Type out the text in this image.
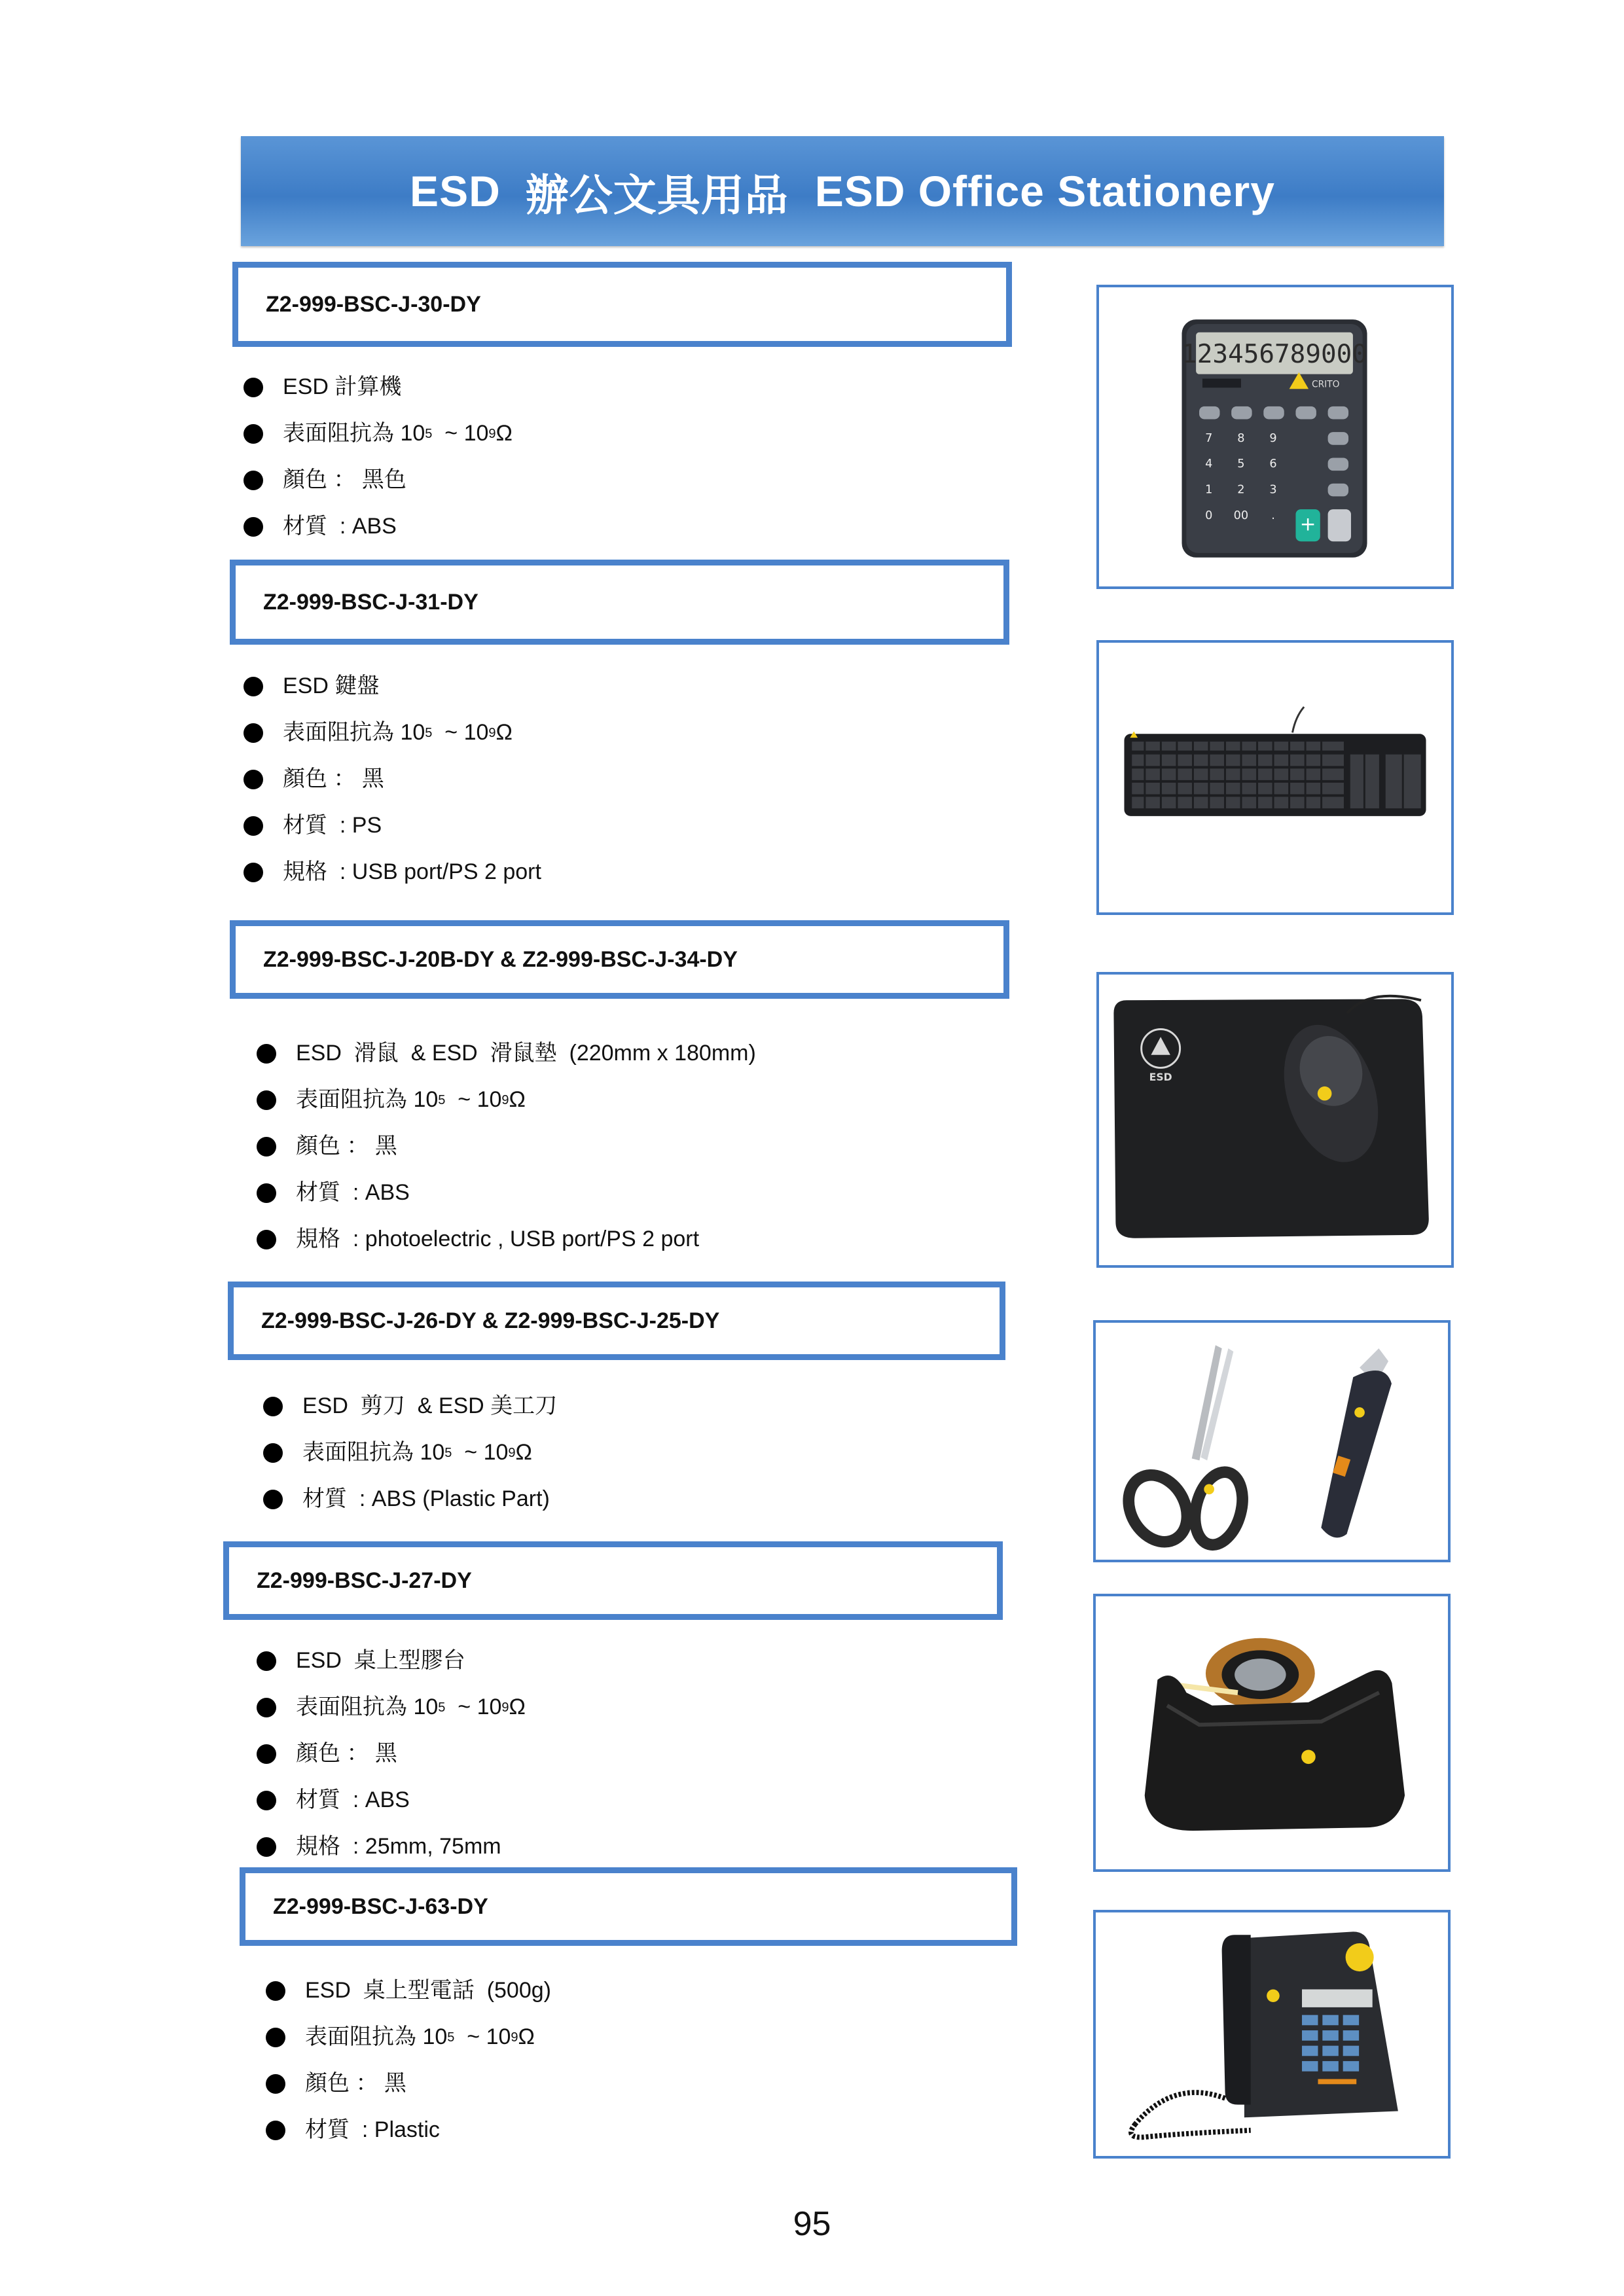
ESD 辦公文具用品 ESD Office Stationery
Z2-999-BSC-J-30-DY
ESD 計算機
表面阻抗為 10 5 ~ 10 9 Ω
顏色 ： 黑色
材質  : ABS
123456789000
CRITO
7 8 9
4 5 6
1 2 3
0 00 . +
Z2-999-BSC-J-31-DY
ESD 鍵盤
表面阻抗為 10 5 ~ 10 9 Ω
顏色 ： 黑
材質  : PS
規格  : USB port/PS 2 port
Z2-999-BSC-J-20B-DY & Z2-999-BSC-J-34-DY
ESD  滑鼠  & ESD  滑鼠墊  (220mm x 180mm)
表面阻抗為 10 5 ~ 10 9 Ω
顏色 ： 黑
材質  : ABS
規格  : photoelectric , USB port/PS 2 port
ESD
Z2-999-BSC-J-26-DY & Z2-999-BSC-J-25-DY
ESD  剪刀  & ESD 美工刀
表面阻抗為 10 5 ~ 10 9 Ω
材質  : ABS (Plastic Part)
Z2-999-BSC-J-27-DY
ESD  桌上型膠台
表面阻抗為 10 5 ~ 10 9 Ω
顏色 ： 黑
材質  : ABS
規格  : 25mm, 75mm
Z2-999-BSC-J-63-DY
ESD  桌上型電話  (500g)
表面阻抗為 10 5 ~ 10 9 Ω
顏色 ： 黑
材質  : Plastic
95
